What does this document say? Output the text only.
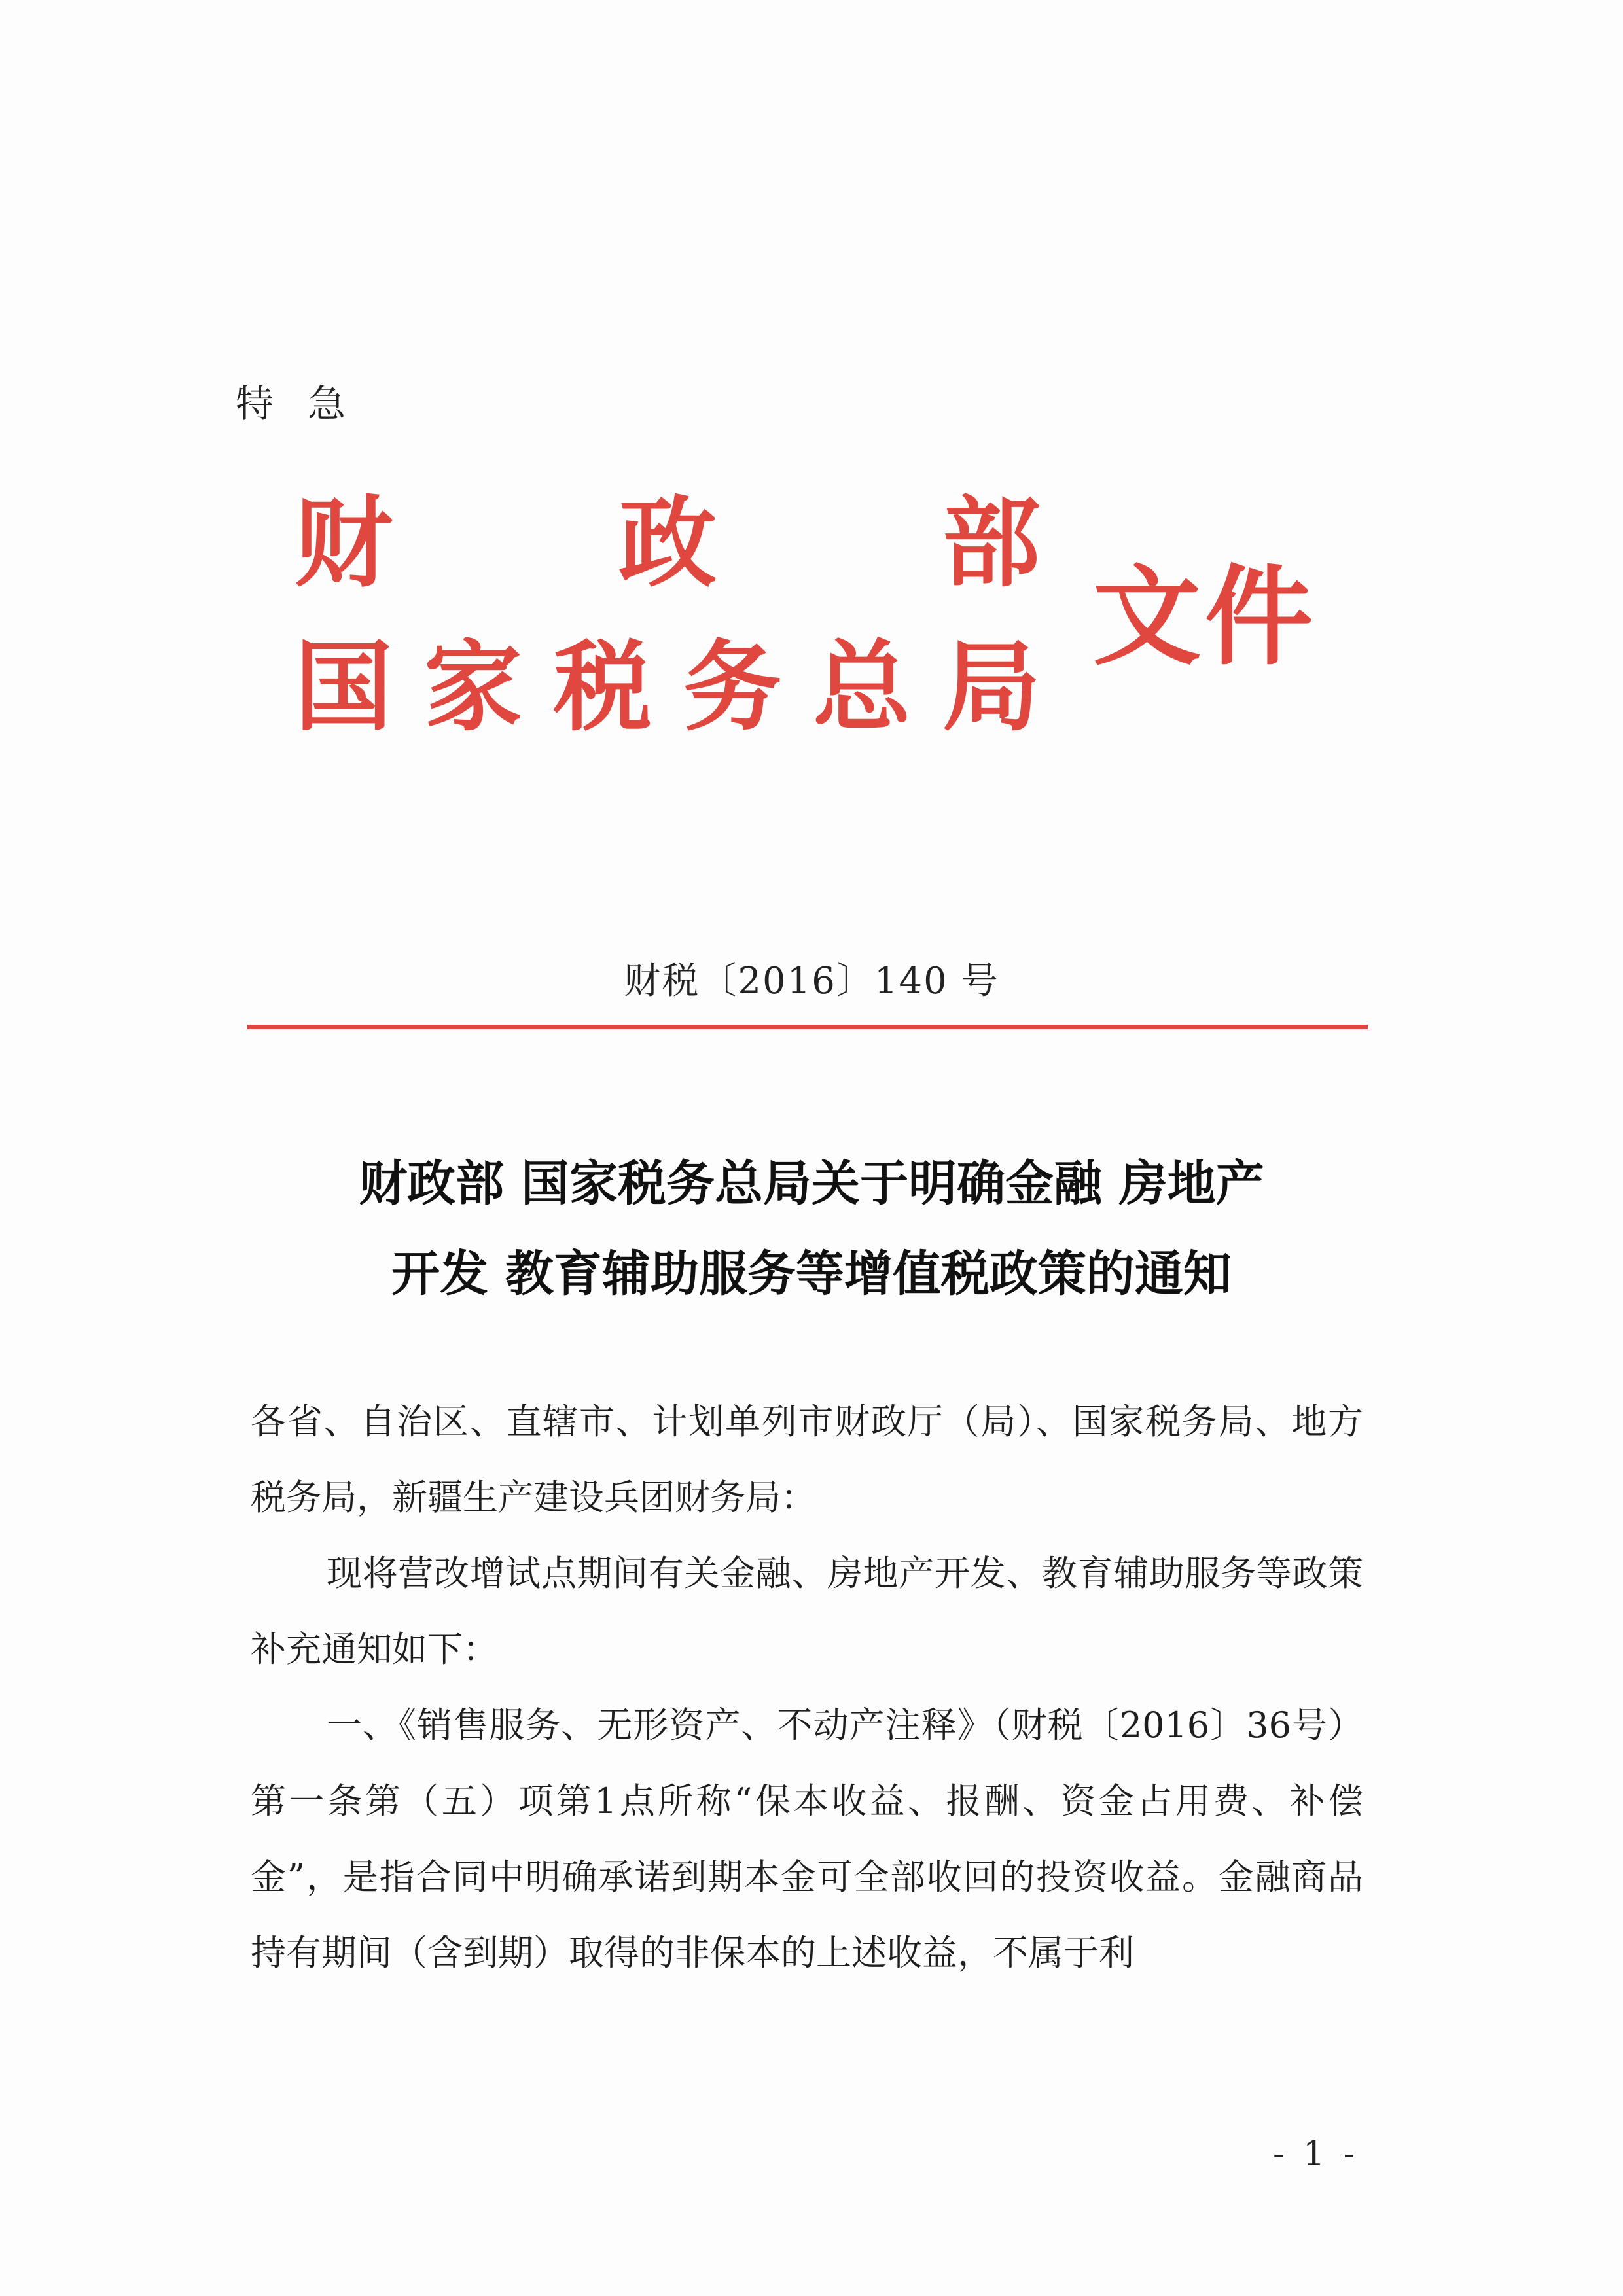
特急
财 政 部
国 家 税 务 总 局
文件
财税〔2016〕140 号
财政部 国家税务总局关于明确金融 房地产
开发 教育辅助服务等增值税政策的通知

各省、自治区、直辖市、计划单列市财政厅（局）、国家税务局、地方税务局，新疆生产建设兵团财务局：

现将营改增试点期间有关金融、房地产开发、教育辅助服务等政策补充通知如下：

一、《销售服务、无形资产、不动产注释》（财税〔2016〕36号）第一条第（五）项第1点所称“保本收益、报酬、资金占用费、补偿金”，是指合同中明确承诺到期本金可全部收回的投资收益。金融商品持有期间（含到期）取得的非保本的上述收益，不属于利

- 1 -
